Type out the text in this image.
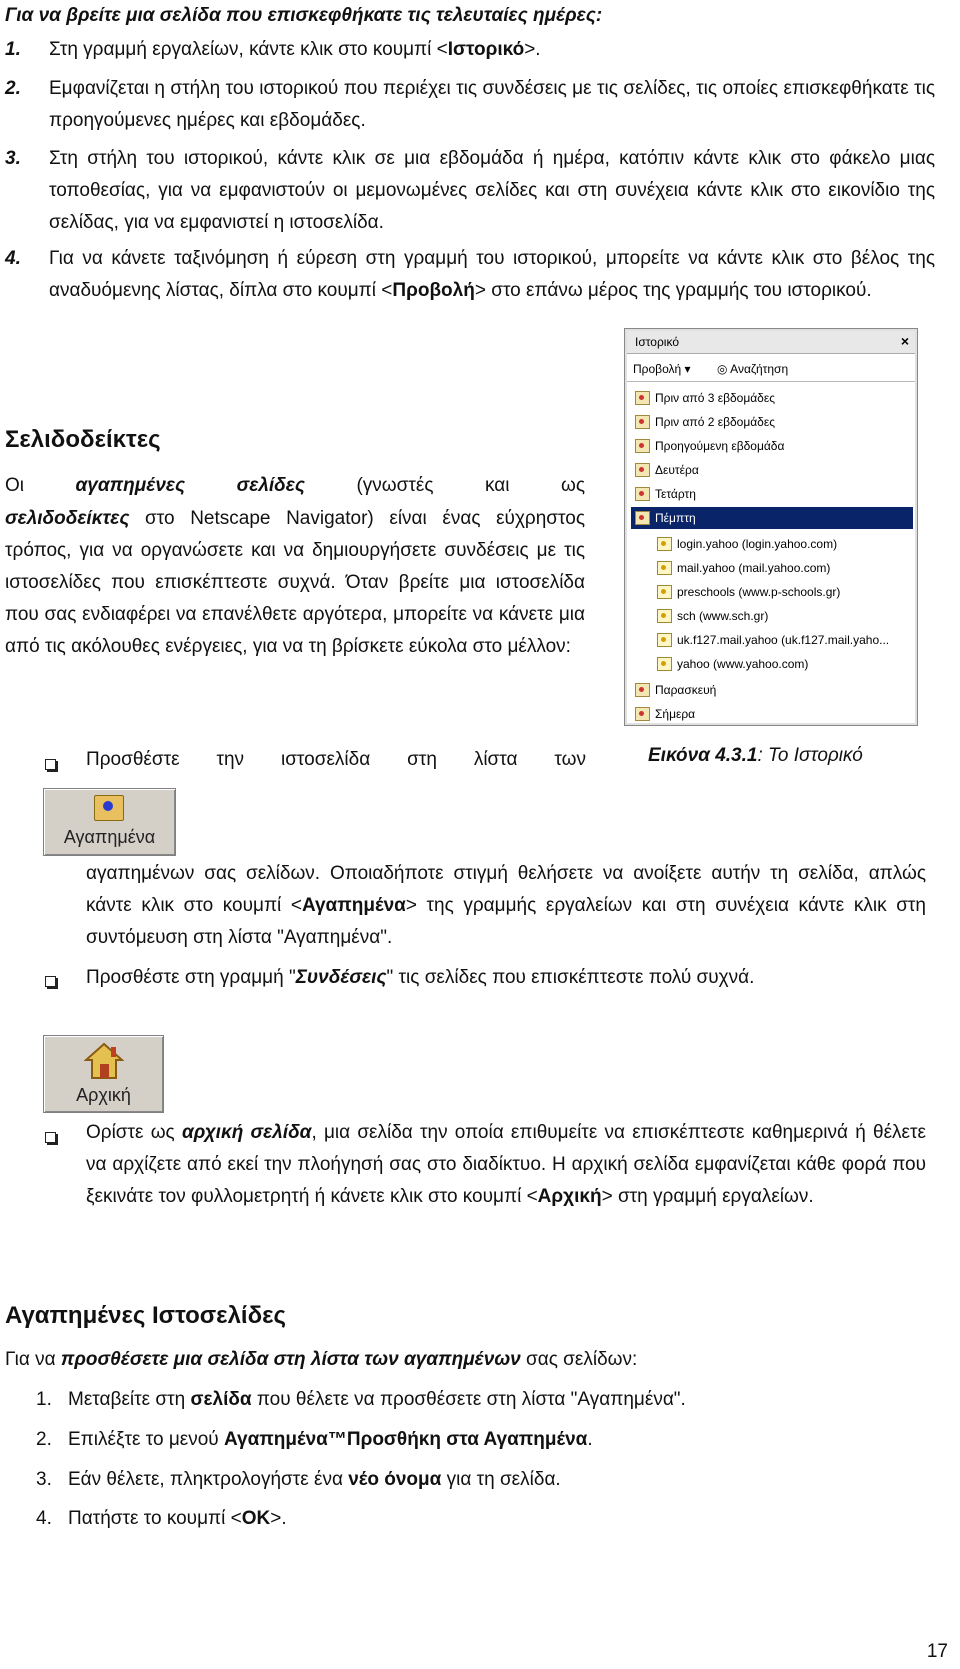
Για να βρείτε μια σελίδα που επισκεφθήκατε τις τελευταίες ημέρες:

1. Στη γραμμή εργαλείων, κάντε κλικ στο κουμπί <Ιστορικό>.

2. Εμφανίζεται η στήλη του ιστορικού που περιέχει τις συνδέσεις με τις σελίδες, τις οποίες επισκεφθήκατε τις προηγούμενες ημέρες και εβδομάδες.

3. Στη στήλη του ιστορικού, κάντε κλικ σε μια εβδομάδα ή ημέρα, κατόπιν κάντε κλικ στο φάκελο μιας τοποθεσίας, για να εμφανιστούν οι μεμονωμένες σελίδες και στη συνέχεια κάντε κλικ στο εικονίδιο της σελίδας, για να εμφανιστεί η ιστοσελίδα.

4. Για να κάνετε ταξινόμηση ή εύρεση στη γραμμή του ιστορικού, μπορείτε να κάντε κλικ στο βέλος της αναδυόμενης λίστας, δίπλα στο κουμπί <Προβολή> στο επάνω μέρος της γραμμής του ιστορικού.

Ιστορικό	×
Προβολή ▾ ◎ Αναζήτηση
Πριν από 3 εβδομάδες
Πριν από 2 εβδομάδες
Προηγούμενη εβδομάδα
Δευτέρα
Τετάρτη
Πέμπτη
login.yahoo (login.yahoo.com)
mail.yahoo (mail.yahoo.com)
preschools (www.p-schools.gr)
sch (www.sch.gr)
uk.f127.mail.yahoo (uk.f127.mail.yaho...
yahoo (www.yahoo.com)
Παρασκευή
Σήμερα

Εικόνα 4.3.1: Το Ιστορικό

Σελιδοδείκτες

Οι	αγαπημένες σελίδες (γνωστές και ως

σελιδοδείκτες στο Netscape Navigator) είναι ένας εύχρηστος τρόπος, για να οργανώσετε και να δημιουργήσετε συνδέσεις με τις ιστοσελίδες που επισκέπτεστε συχνά. Όταν βρείτε μια ιστοσελίδα που σας ενδιαφέρει να επανέλθετε αργότερα, μπορείτε να κάνετε μια από τις ακόλουθες ενέργειες, για να τη βρίσκετε εύκολα στο μέλλον:

Προσθέστε την ιστοσελίδα στη λίστα των

Αγαπημένα

αγαπημένων σας σελίδων. Οποιαδήποτε στιγμή θελήσετε να ανοίξετε αυτήν τη σελίδα, απλώς κάντε κλικ στο κουμπί <Αγαπημένα> της γραμμής εργαλείων και στη συνέχεια κάντε κλικ στη συντόμευση στη λίστα "Αγαπημένα".

Προσθέστε στη γραμμή "Συνδέσεις" τις σελίδες που επισκέπτεστε πολύ συχνά.

Αρχική

Ορίστε ως αρχική σελίδα, μια σελίδα την οποία επιθυμείτε να επισκέπτεστε καθημερινά ή θέλετε να αρχίζετε από εκεί την πλοήγησή σας στο διαδίκτυο. Η αρχική σελίδα εμφανίζεται κάθε φορά που ξεκινάτε τον φυλλομετρητή ή κάνετε κλικ στο κουμπί <Αρχική> στη γραμμή εργαλείων.

Αγαπημένες Ιστοσελίδες

Για να προσθέσετε μια σελίδα στη λίστα των αγαπημένων σας σελίδων:

1. Μεταβείτε στη σελίδα που θέλετε να προσθέσετε στη λίστα "Αγαπημένα".
2. Επιλέξτε το μενού Αγαπημένα™Προσθήκη στα Αγαπημένα.
3. Εάν θέλετε, πληκτρολογήστε ένα νέο όνομα για τη σελίδα.
4. Πατήστε το κουμπί <OK>.

17
